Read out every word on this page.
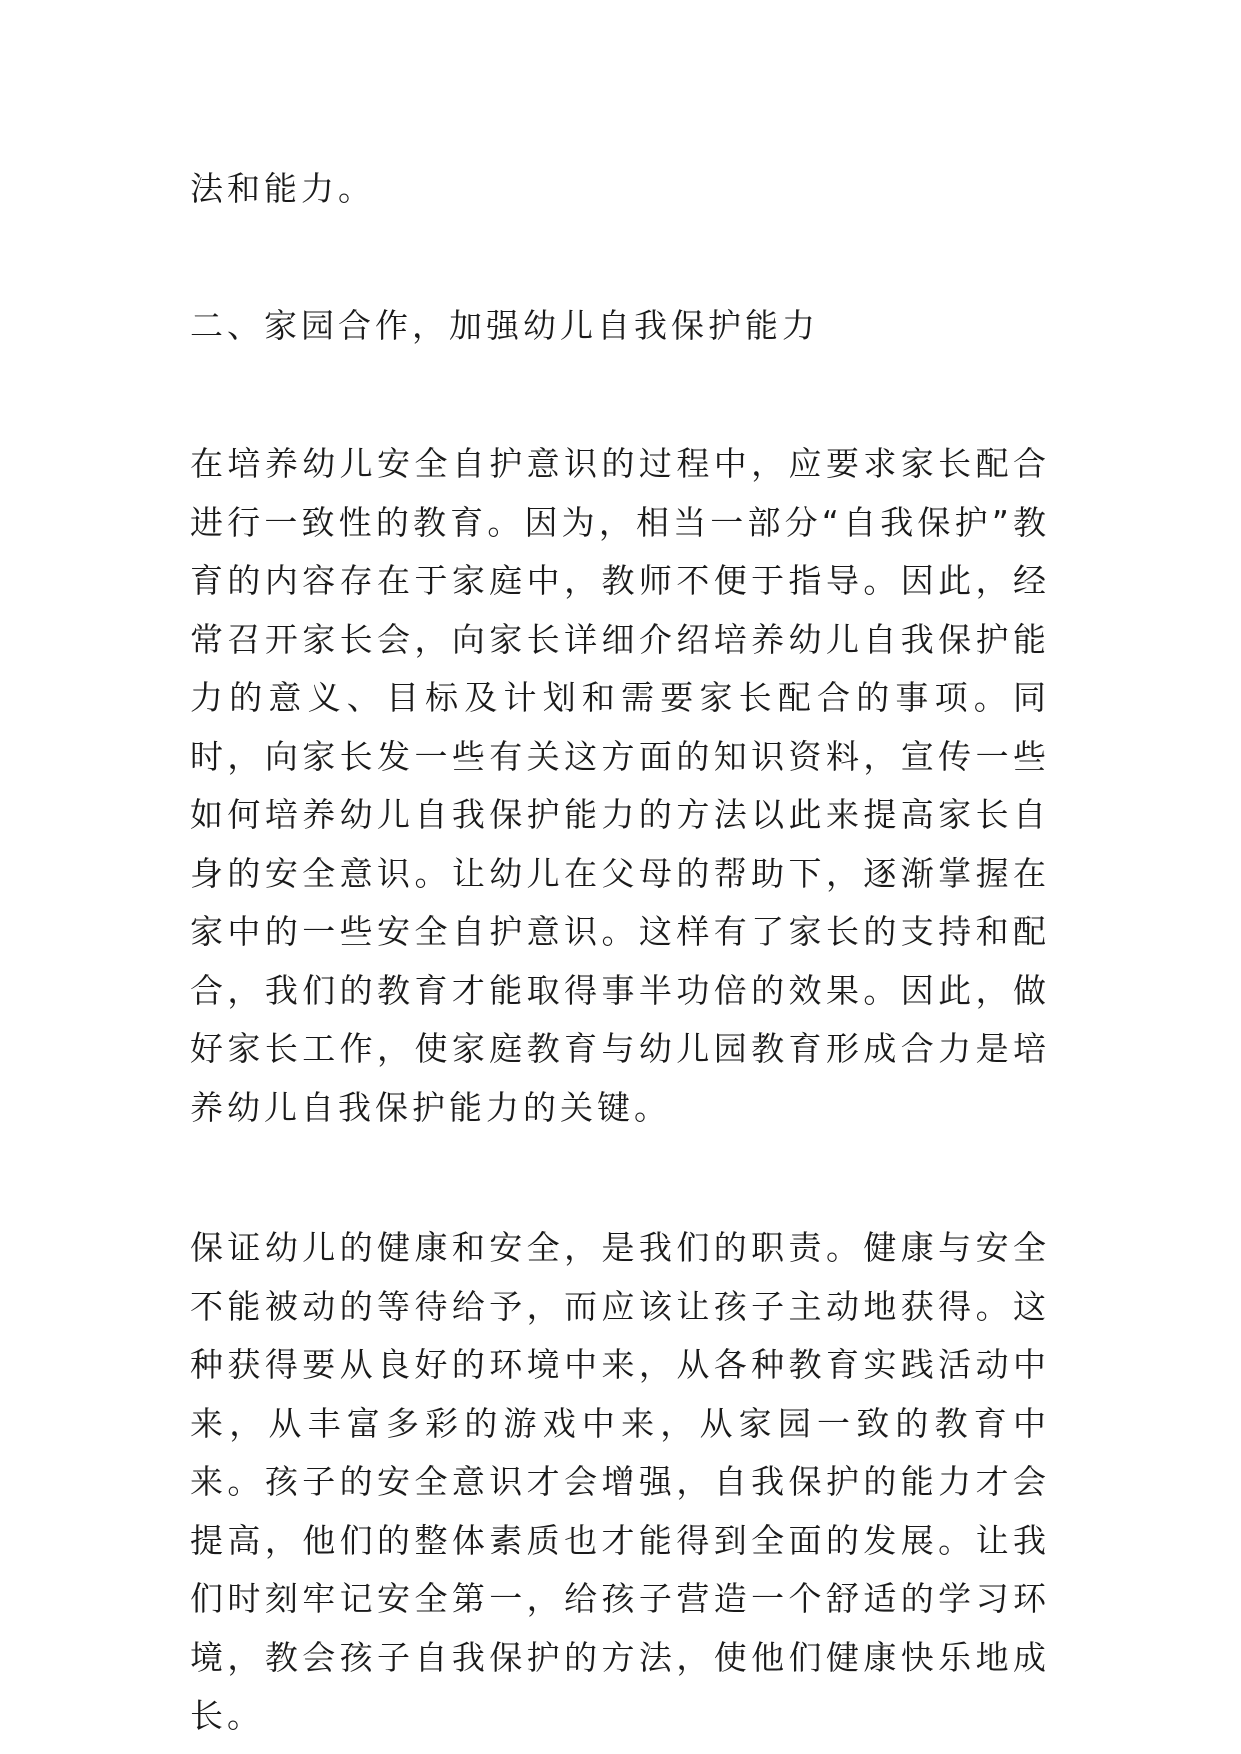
法和能力。

二、家园合作，加强幼儿自我保护能力

在培养幼儿安全自护意识的过程中，应要求家长配合进行一致性的教育。因为，相当一部分“自我保护”教育的内容存在于家庭中，教师不便于指导。因此，经常召开家长会，向家长详细介绍培养幼儿自我保护能力的意义、目标及计划和需要家长配合的事项。同时，向家长发一些有关这方面的知识资料，宣传一些如何培养幼儿自我保护能力的方法以此来提高家长自身的安全意识。让幼儿在父母的帮助下，逐渐掌握在家中的一些安全自护意识。这样有了家长的支持和配合，我们的教育才能取得事半功倍的效果。因此，做好家长工作，使家庭教育与幼儿园教育形成合力是培养幼儿自我保护能力的关键。

保证幼儿的健康和安全，是我们的职责。健康与安全不能被动的等待给予，而应该让孩子主动地获得。这种获得要从良好的环境中来，从各种教育实践活动中来，从丰富多彩的游戏中来，从家园一致的教育中来。孩子的安全意识才会增强，自我保护的能力才会提高，他们的整体素质也才能得到全面的发展。让我们时刻牢记安全第一，给孩子营造一个舒适的学习环境，教会孩子自我保护的方法，使他们健康快乐地成长。
